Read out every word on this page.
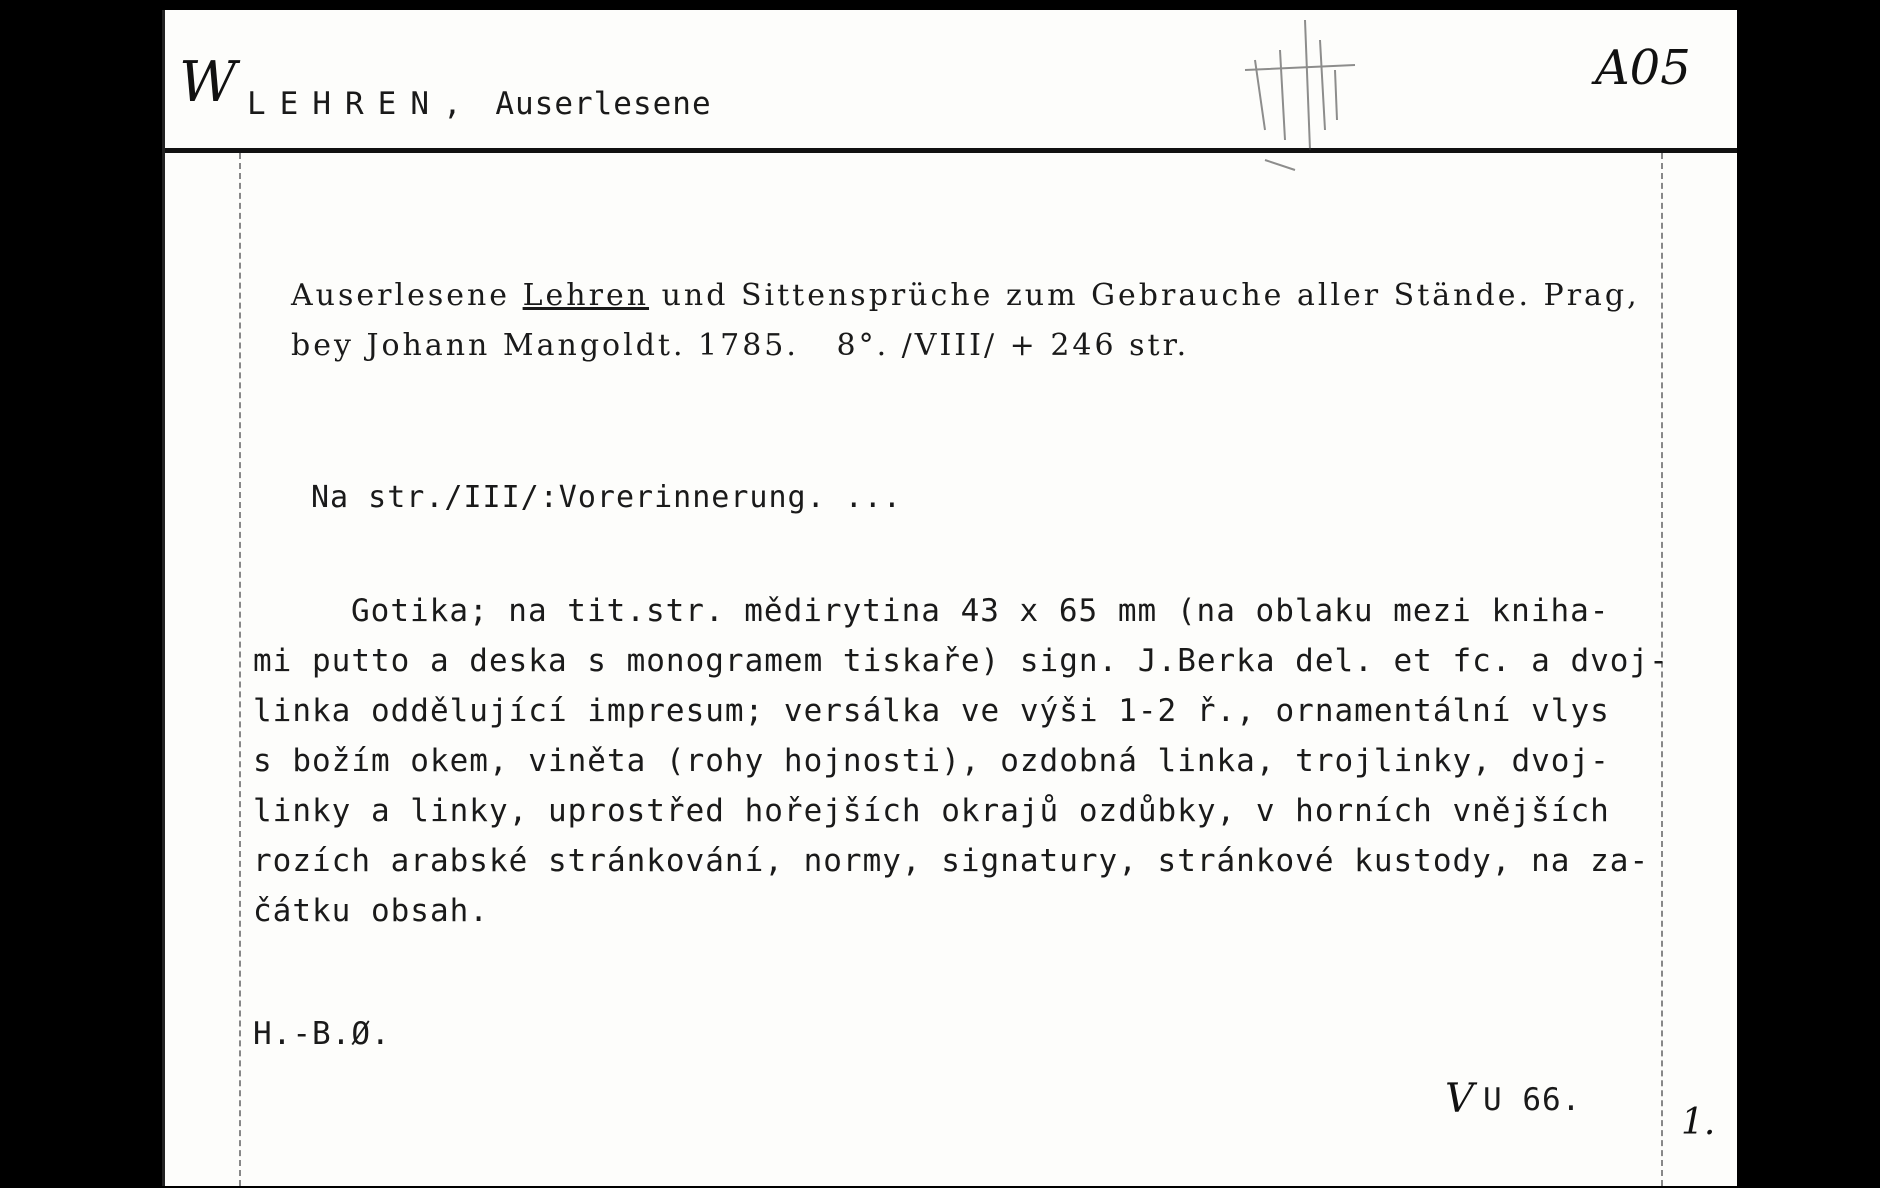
W LEHREN, Auserlesene
A05
Auserlesene Lehren und Sittensprüche zum Gebrauche aller Stände. Prag,
bey Johann Mangoldt. 1785.   8°. /VIII/ + 246 str.
Na str./III/:Vorerinnerung. ...
Gotika; na tit.str. mědirytina 43 x 65 mm (na oblaku mezi kniha-
mi putto a deska s monogramem tiskaře) sign. J.Berka del. et fc. a dvoj-
linka oddělující impresum; versálka ve výši 1-2 ř., ornamentální vlys
s božím okem, viněta (rohy hojnosti), ozdobná linka, trojlinky, dvoj-
linky a linky, uprostřed hořejších okrajů ozdůbky, v horních vnějších
rozích arabské stránkování, normy, signatury, stránkové kustody, na za-
čátku obsah.
H.-B.Ø.
V U 66.
1.
